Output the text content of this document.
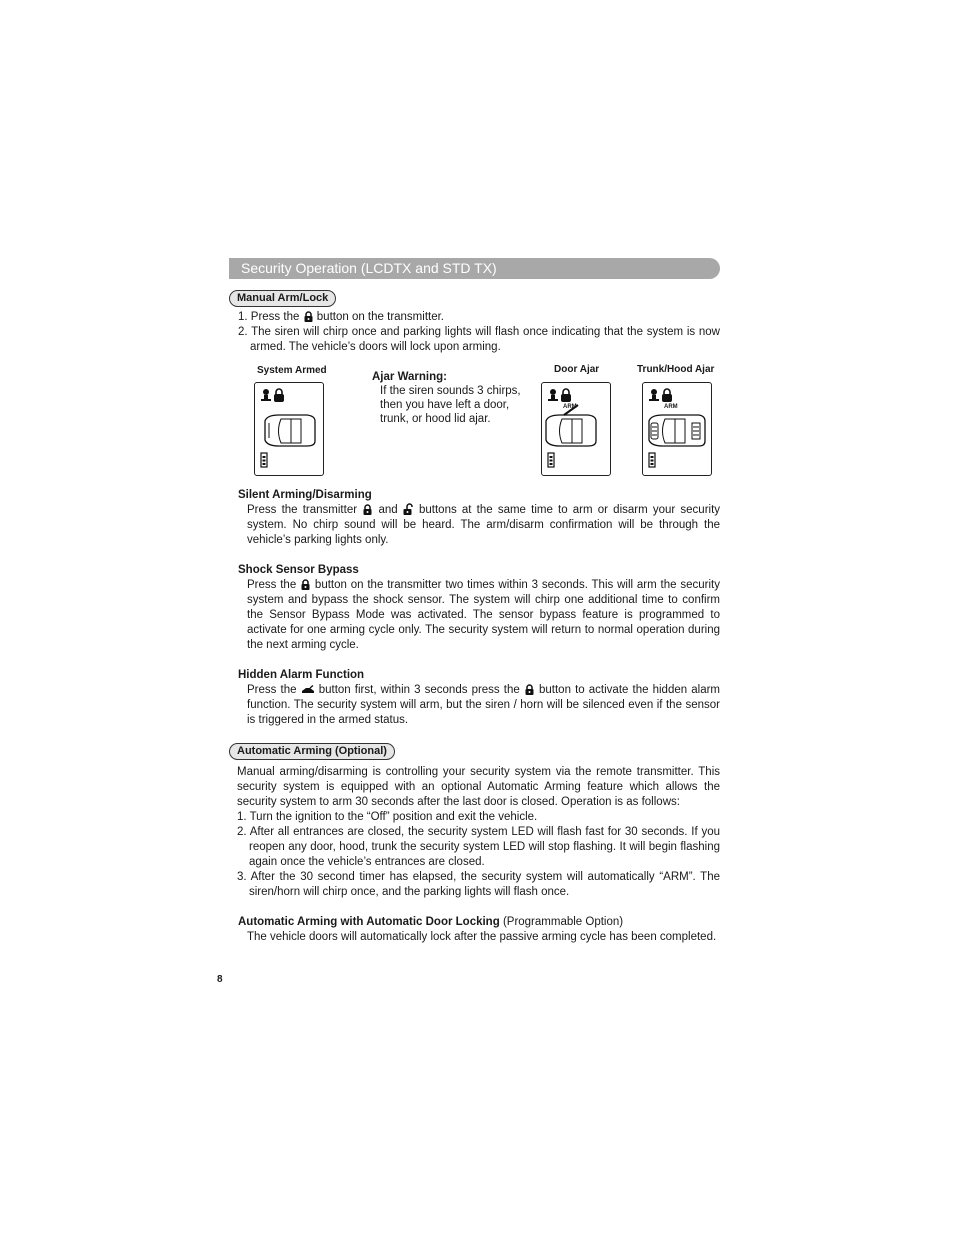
Security Operation (LCDTX and STD TX)
Manual Arm/Lock

1. Press the button on the transmitter.

2. The siren will chirp once and parking lights will flash once indicating that the system is now armed. The vehicle’s doors will lock upon arming.

System Armed	Door Ajar	Trunk/Hood Ajar
Ajar Warning:
If the siren sounds 3 chirps, then you have left a door, trunk, or hood lid ajar.
ARM	ARM
Silent Arming/Disarming
Press the transmitter and buttons at the same time to arm or disarm your security system. No chirp sound will be heard. The arm/disarm confirmation will be through the vehicle’s parking lights only.
Shock Sensor Bypass
Press the button on the transmitter two times within 3 seconds. This will arm the security system and bypass the shock sensor. The system will chirp one additional time to confirm the Sensor Bypass Mode was activated. The sensor bypass feature is programmed to activate for one arming cycle only. The security system will return to normal operation during the next arming cycle.
Hidden Alarm Function
Press the button first, within 3 seconds press the button to activate the hidden alarm function. The security system will arm, but the siren / horn will be silenced even if the sensor is triggered in the armed status.
Automatic Arming (Optional)

Manual arming/disarming is controlling your security system via the remote transmitter. This security system is equipped with an optional Automatic Arming feature which allows the security system to arm 30 seconds after the last door is closed. Operation is as follows:

1. Turn the ignition to the “Off” position and exit the vehicle.

2. After all entrances are closed, the security system LED will flash fast for 30 seconds. If you reopen any door, hood, trunk the security system LED will stop flashing. It will begin flashing again once the vehicle’s entrances are closed.

3. After the 30 second timer has elapsed, the security system will automatically “ARM”. The siren/horn will chirp once, and the parking lights will flash once.

Automatic Arming with Automatic Door Locking (Programmable Option)
The vehicle doors will automatically lock after the passive arming cycle has been completed.
8
